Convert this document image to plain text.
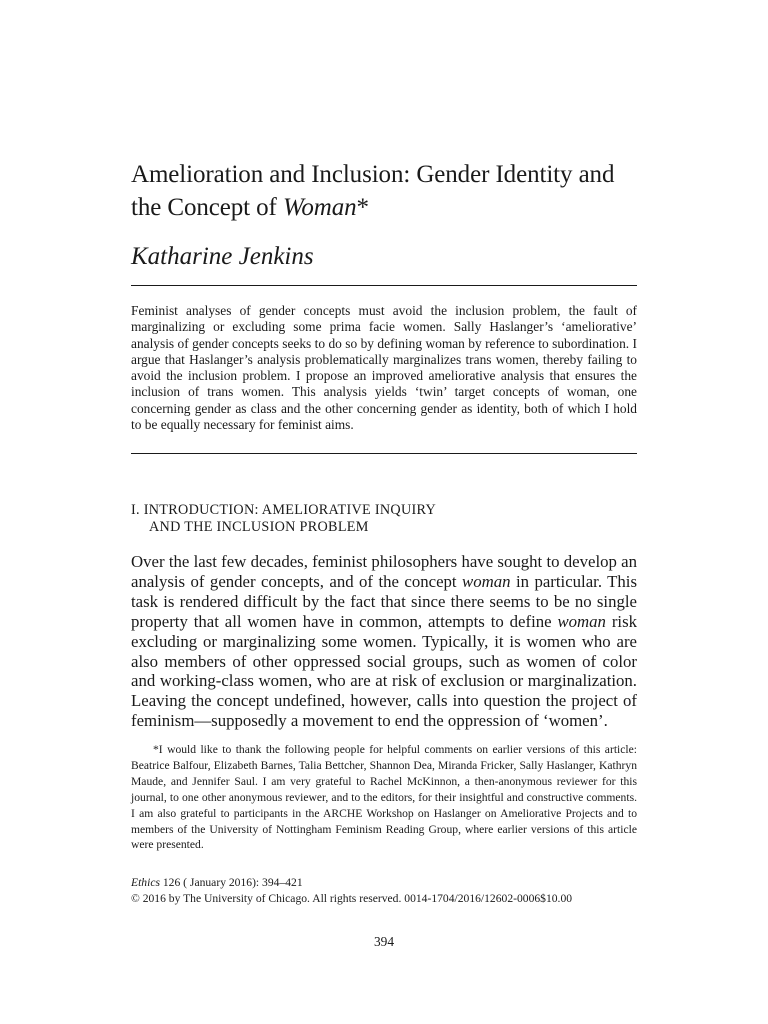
Amelioration and Inclusion: Gender Identity and the Concept of Woman*
Katharine Jenkins

Feminist analyses of gender concepts must avoid the inclusion problem, the fault of marginalizing or excluding some prima facie women. Sally Haslanger’s ‘ameliorative’ analysis of gender concepts seeks to do so by defining woman by reference to subordination. I argue that Haslanger’s analysis problematically marginalizes trans women, thereby failing to avoid the inclusion problem. I propose an improved ameliorative analysis that ensures the inclusion of trans women. This analysis yields ‘twin’ target concepts of woman, one concerning gender as class and the other concerning gender as identity, both of which I hold to be equally necessary for feminist aims.

I. INTRODUCTION: AMELIORATIVE INQUIRY
AND THE INCLUSION PROBLEM

Over the last few decades, feminist philosophers have sought to develop an analysis of gender concepts, and of the concept woman in particular. This task is rendered difficult by the fact that since there seems to be no single property that all women have in common, attempts to define woman risk excluding or marginalizing some women. Typically, it is women who are also members of other oppressed social groups, such as women of color and working-class women, who are at risk of exclusion or marginalization. Leaving the concept undefined, however, calls into question the project of feminism—supposedly a movement to end the oppression of ‘women’.

*I would like to thank the following people for helpful comments on earlier versions of this article: Beatrice Balfour, Elizabeth Barnes, Talia Bettcher, Shannon Dea, Miranda Fricker, Sally Haslanger, Kathryn Maude, and Jennifer Saul. I am very grateful to Rachel McKinnon, a then-anonymous reviewer for this journal, to one other anonymous reviewer, and to the editors, for their insightful and constructive comments. I am also grateful to participants in the ARCHE Workshop on Haslanger on Ameliorative Projects and to members of the University of Nottingham Feminism Reading Group, where earlier versions of this article were presented.

Ethics 126 ( January 2016): 394–421
© 2016 by The University of Chicago. All rights reserved. 0014-1704/2016/12602-0006$10.00
394
